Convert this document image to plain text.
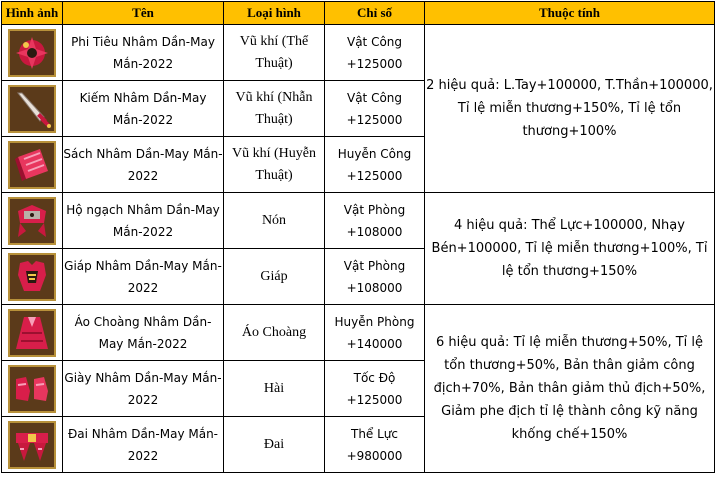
Hình ảnh	Tên	Loại hình	Chỉ số	Thuộc tính

	Phi Tiêu Nhâm Dần-May Mắn-2022	Vũ khí (Thể Thuật)	Vật Công +125000	2 hiệu quả: L.Tay+100000, T.Thần+100000, Tỉ lệ miễn thương+150%, Tỉ lệ tổn thương+100%

	Kiếm Nhâm Dần-May Mắn-2022	Vũ khí (Nhẫn Thuật)	Vật Công +125000	

	Sách Nhâm Dần-May Mắn-2022	Vũ khí (Huyễn Thuật)	Huyễn Công +125000	

	Hộ ngạch Nhâm Dần-May Mắn-2022	Nón	Vật Phòng +108000	4 hiệu quả: Thể Lực+100000, Nhạy Bén+100000, Tỉ lệ miễn thương+100%, Tỉ lệ tổn thương+150%

	Giáp Nhâm Dần-May Mắn-2022	Giáp	Vật Phòng +108000	

	Áo Choàng Nhâm Dần-May Mắn-2022	Áo Choàng	Huyễn Phòng +140000	6 hiệu quả: Tỉ lệ miễn thương+50%, Tỉ lệ tổn thương+50%, Bản thân giảm công địch+70%, Bản thân giảm thủ địch+50%, Giảm phe địch tỉ lệ thành công kỹ năng khống chế+150%

	Giày Nhâm Dần-May Mắn-2022	Hài	Tốc Độ +125000	

	Đai Nhâm Dần-May Mắn-2022	Đai	Thể Lực +980000	
